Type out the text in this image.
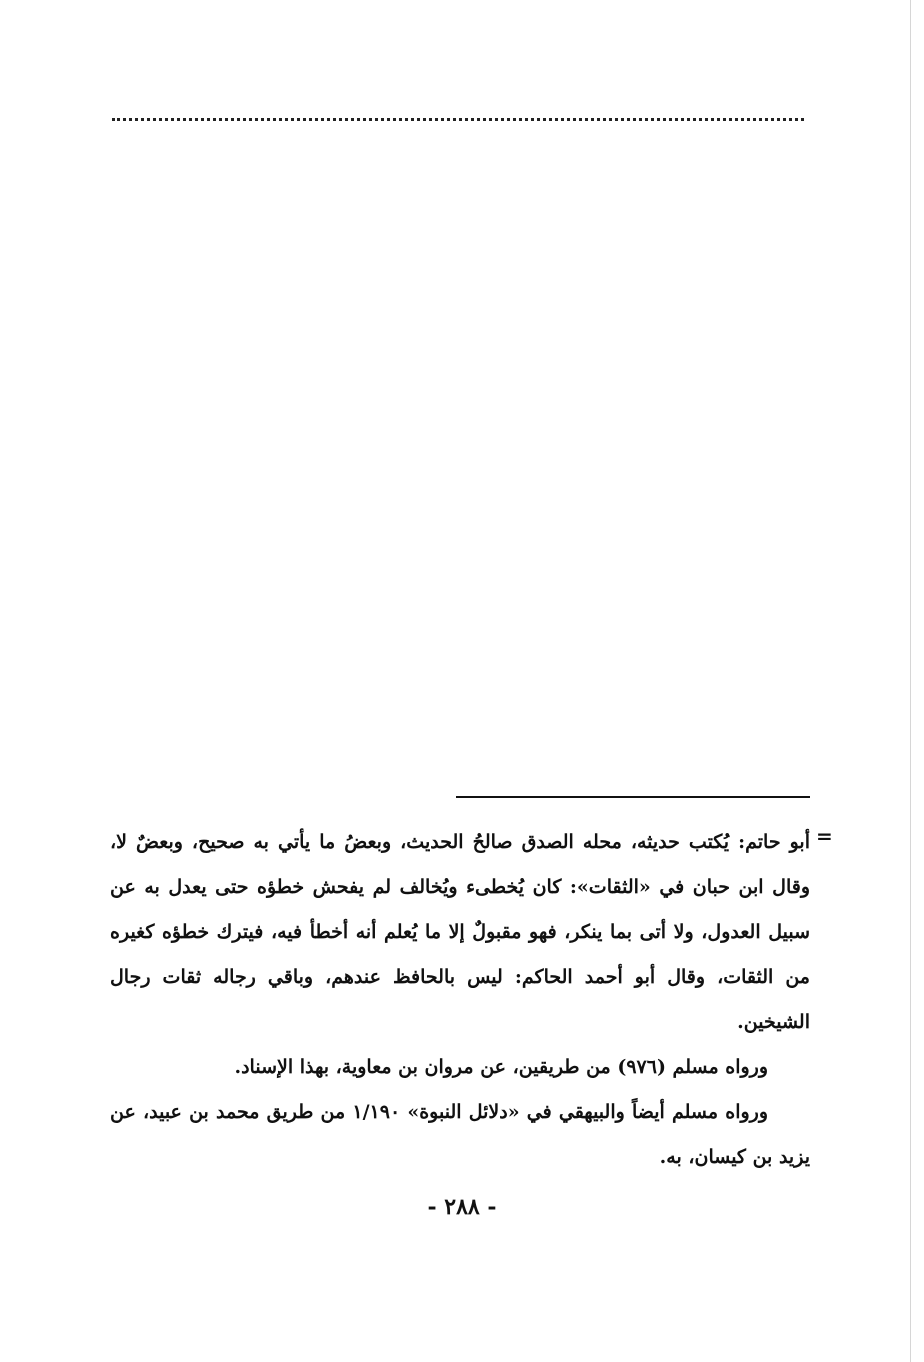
=

أبو حاتم: يُكتب حديثه، محله الصدق صالحُ الحديث، وبعضُ ما يأتي به صحيح، وبعضٌ لا، وقال ابن حبان في «الثقات»: كان يُخطىء ويُخالف لم يفحش خطؤه حتى يعدل به عن سبيل العدول، ولا أتى بما ينكر، فهو مقبولٌ إلا ما يُعلم أنه أخطأ فيه، فيترك خطؤه كغيره من الثقات، وقال أبو أحمد الحاكم: ليس بالحافظ عندهم، وباقي رجاله ثقات رجال الشيخين.

ورواه مسلم (٩٧٦) من طريقين، عن مروان بن معاوية، بهذا الإسناد.

ورواه مسلم أيضاً والبيهقي في «دلائل النبوة» ١/١٩٠ من طريق محمد بن عبيد، عن يزيد بن كيسان، به.

- ٢٨٨ -
